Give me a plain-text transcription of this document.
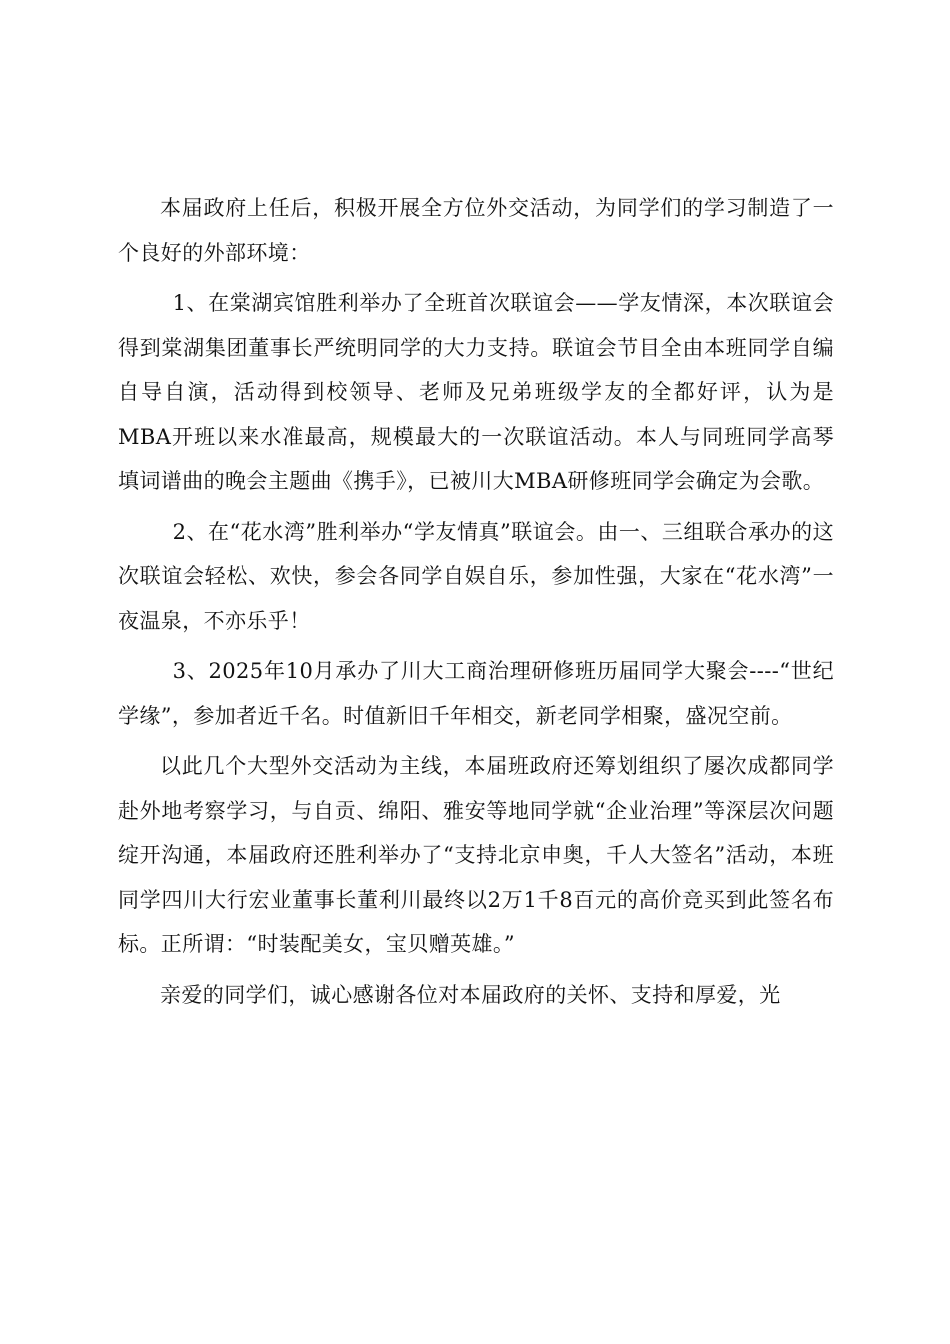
本届政府上任后，积极开展全方位外交活动，为同学们的学习制造了一个良好的外部环境：

1、在棠湖宾馆胜利举办了全班首次联谊会——学友情深，本次联谊会得到棠湖集团董事长严统明同学的大力支持。联谊会节目全由本班同学自编自导自演，活动得到校领导、老师及兄弟班级学友的全都好评，认为是MBA开班以来水准最高，规模最大的一次联谊活动。本人与同班同学高琴填词谱曲的晚会主题曲《携手》，已被川大MBA研修班同学会确定为会歌。

2、在“花水湾”胜利举办“学友情真”联谊会。由一、三组联合承办的这次联谊会轻松、欢快，参会各同学自娱自乐，参加性强，大家在“花水湾”一夜温泉，不亦乐乎！

3、2025年10月承办了川大工商治理研修班历届同学大聚会----“世纪学缘”，参加者近千名。时值新旧千年相交，新老同学相聚，盛况空前。

以此几个大型外交活动为主线，本届班政府还筹划组织了屡次成都同学赴外地考察学习，与自贡、绵阳、雅安等地同学就“企业治理”等深层次问题绽开沟通，本届政府还胜利举办了“支持北京申奥，千人大签名”活动，本班同学四川大行宏业董事长董利川最终以2万1千8百元的高价竞买到此签名布标。正所谓：“时装配美女，宝贝赠英雄。”

亲爱的同学们，诚心感谢各位对本届政府的关怀、支持和厚爱，光
